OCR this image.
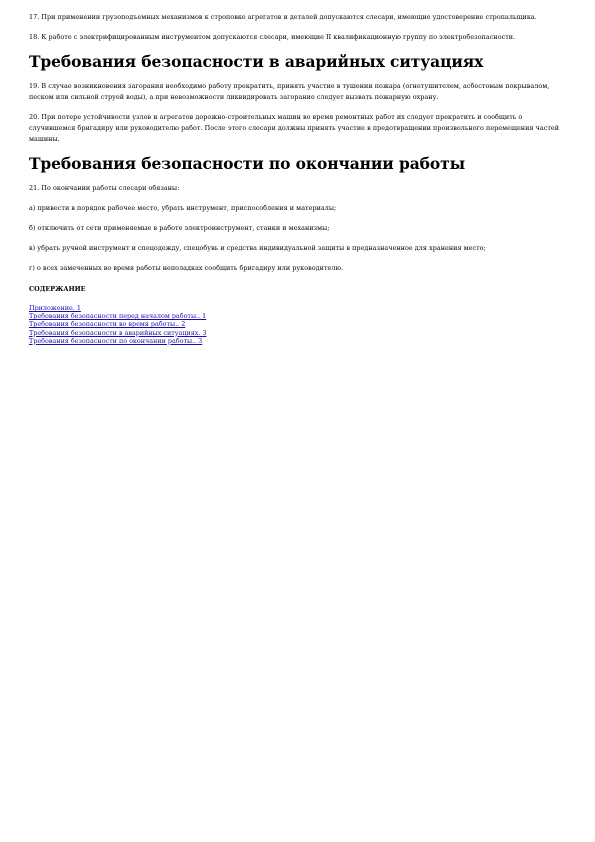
17. При применении грузоподъемных механизмов к строповке агрегатов и деталей допускаются слесари, имеющие удостоверение стропальщика.

18. К работе с электрифицированным инструментом допускаются слесари, имеющие II квалификационную группу по электробезопасности.

Требования безопасности в аварийных ситуациях

19. В случае возникновения загорания необходимо работу прекратить, принять участие в тушении пожара (огнетушителем, асбестовым покрывалом, песком или сильной струей воды), а при невозможности ликвидировать загорание следует вызвать пожарную охрану.

20. При потере устойчивости узлов и агрегатов дорожно-строительных машин во время ремонтных работ их следует прекратить и сообщить о случившемся бригадиру или руководителю работ. После этого слесари должны принять участие в предотвращении произвольного перемещения частей машины.

Требования безопасности по окончании работы

21. По окончании работы слесари обязаны:

а) привести в порядок рабочее место, убрать инструмент, приспособления и материалы;

б) отключить от сети применяемые в работе электроинструмент, станки и механизмы;

в) убрать ручной инструмент и спецодежду, спецобувь и средства индивидуальной защиты в предназначенное для хранения место;

г) о всех замеченных во время работы неполадках сообщить бригадиру или руководителю.

СОДЕРЖАНИЕ

Приложение. 1
Требования безопасности перед началом работы.. 1
Требования безопасности во время работы.. 2
Требования безопасности в аварийных ситуациях. 3
Требования безопасности по окончании работы.. 3
